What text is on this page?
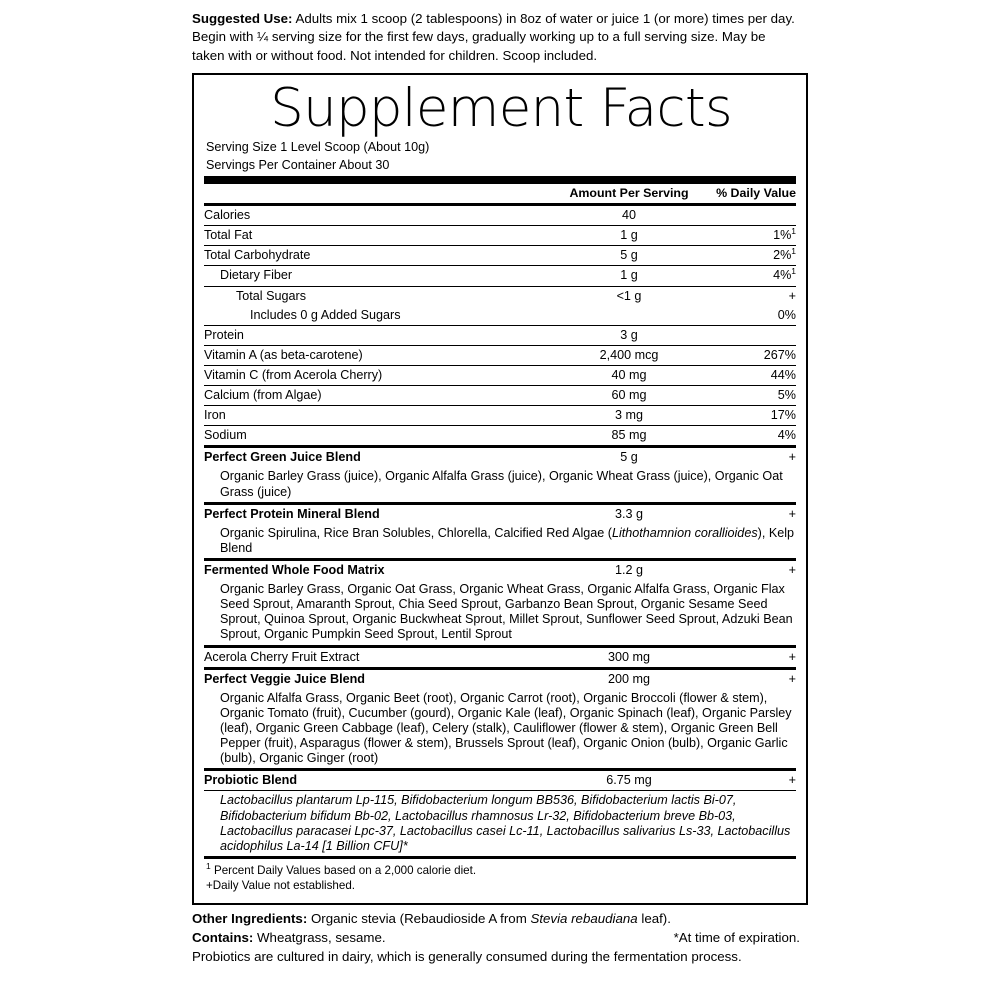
Suggested Use: Adults mix 1 scoop (2 tablespoons) in 8oz of water or juice 1 (or more) times per day. Begin with ¼ serving size for the first few days, gradually working up to a full serving size. May be taken with or without food. Not intended for children. Scoop included.

Supplement Facts
Serving Size 1 Level Scoop (About 10g)
Servings Per Container About 30
	Amount Per Serving	% Daily Value
Calories	40	
Total Fat	1 g	1%$^1$
Total Carbohydrate	5 g	2%$^1$
Dietary Fiber	1 g	4%$^1$
Total Sugars	<1 g	+
Includes 0 g Added Sugars		0%
Protein	3 g	
Vitamin A (as beta-carotene)	2,400 mcg	267%
Vitamin C (from Acerola Cherry)	40 mg	44%
Calcium (from Algae)	60 mg	5%
Iron	3 mg	17%
Sodium	85 mg	4%
Perfect Green Juice Blend	5 g	+
Organic Barley Grass (juice), Organic Alfalfa Grass (juice), Organic Wheat Grass (juice), Organic Oat Grass (juice)		
Perfect Protein Mineral Blend	3.3 g	+
Organic Spirulina, Rice Bran Solubles, Chlorella, Calcified Red Algae (Lithothamnion corallioides), Kelp Blend		
Fermented Whole Food Matrix	1.2 g	+
Organic Barley Grass, Organic Oat Grass, Organic Wheat Grass, Organic Alfalfa Grass, Organic Flax Seed Sprout, Amaranth Sprout, Chia Seed Sprout, Garbanzo Bean Sprout, Organic Sesame Seed Sprout, Quinoa Sprout, Organic Buckwheat Sprout, Millet Sprout, Sunflower Seed Sprout, Adzuki Bean Sprout, Organic Pumpkin Seed Sprout, Lentil Sprout		
Acerola Cherry Fruit Extract	300 mg	+
Perfect Veggie Juice Blend	200 mg	+
Organic Alfalfa Grass, Organic Beet (root), Organic Carrot (root), Organic Broccoli (flower & stem), Organic Tomato (fruit), Cucumber (gourd), Organic Kale (leaf), Organic Spinach (leaf), Organic Parsley (leaf), Organic Green Cabbage (leaf), Celery (stalk), Cauliflower (flower & stem), Organic Green Bell Pepper (fruit), Asparagus (flower & stem), Brussels Sprout (leaf), Organic Onion (bulb), Organic Garlic (bulb), Organic Ginger (root)		
Probiotic Blend	6.75 mg	+
Lactobacillus plantarum Lp-115, Bifidobacterium longum BB536, Bifidobacterium lactis Bi-07, Bifidobacterium bifidum Bb-02, Lactobacillus rhamnosus Lr-32, Bifidobacterium breve Bb-03, Lactobacillus paracasei Lpc-37, Lactobacillus casei Lc-11, Lactobacillus salivarius Ls-33, Lactobacillus acidophilus La-14 [1 Billion CFU]*		
$^1$ Percent Daily Values based on a 2,000 calorie diet.
+Daily Value not established.
Other Ingredients: Organic stevia (Rebaudioside A from Stevia rebaudiana leaf).
Contains: Wheatgrass, sesame.	*At time of expiration.
Probiotics are cultured in dairy, which is generally consumed during the fermentation process.
